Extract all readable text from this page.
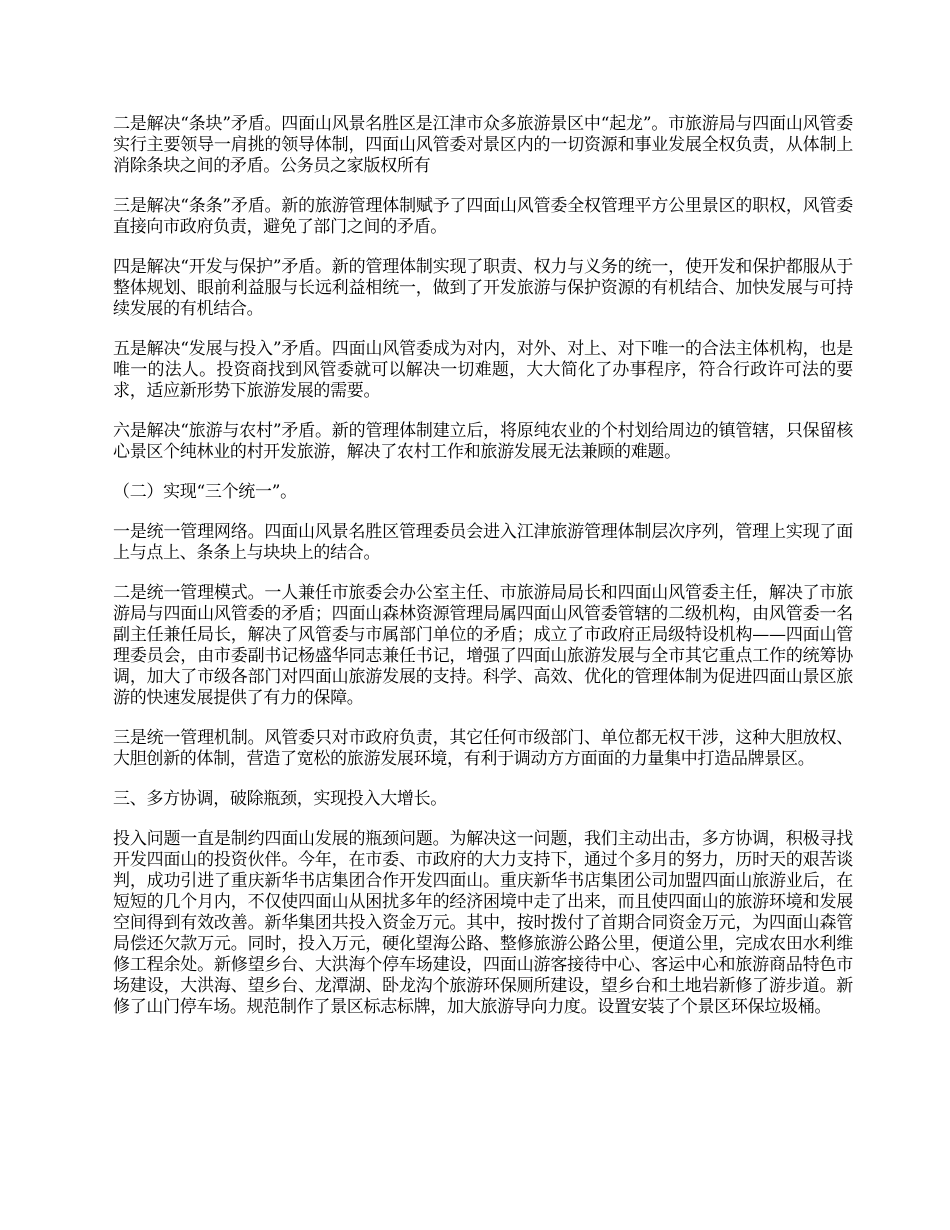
二是解决“条块”矛盾。四面山风景名胜区是江津市众多旅游景区中“起龙”。市旅游局与四面山风管委实行主要领导一肩挑的领导体制，四面山风管委对景区内的一切资源和事业发展全权负责，从体制上消除条块之间的矛盾。公务员之家版权所有

三是解决“条条”矛盾。新的旅游管理体制赋予了四面山风管委全权管理平方公里景区的职权，风管委直接向市政府负责，避免了部门之间的矛盾。

四是解决“开发与保护”矛盾。新的管理体制实现了职责、权力与义务的统一，使开发和保护都服从于整体规划、眼前利益服与长远利益相统一，做到了开发旅游与保护资源的有机结合、加快发展与可持续发展的有机结合。

五是解决“发展与投入”矛盾。四面山风管委成为对内，对外、对上、对下唯一的合法主体机构，也是唯一的法人。投资商找到风管委就可以解决一切难题，大大简化了办事程序，符合行政许可法的要求，适应新形势下旅游发展的需要。

六是解决“旅游与农村”矛盾。新的管理体制建立后，将原纯农业的个村划给周边的镇管辖，只保留核心景区个纯林业的村开发旅游，解决了农村工作和旅游发展无法兼顾的难题。

（二）实现“三个统一”。

一是统一管理网络。四面山风景名胜区管理委员会进入江津旅游管理体制层次序列，管理上实现了面上与点上、条条上与块块上的结合。

二是统一管理模式。一人兼任市旅委会办公室主任、市旅游局局长和四面山风管委主任，解决了市旅游局与四面山风管委的矛盾；四面山森林资源管理局属四面山风管委管辖的二级机构，由风管委一名副主任兼任局长，解决了风管委与市属部门单位的矛盾；成立了市政府正局级特设机构——四面山管理委员会，由市委副书记杨盛华同志兼任书记，增强了四面山旅游发展与全市其它重点工作的统筹协调，加大了市级各部门对四面山旅游发展的支持。科学、高效、优化的管理体制为促进四面山景区旅游的快速发展提供了有力的保障。

三是统一管理机制。风管委只对市政府负责，其它任何市级部门、单位都无权干涉，这种大胆放权、大胆创新的体制，营造了宽松的旅游发展环境，有利于调动方方面面的力量集中打造品牌景区。

三、多方协调，破除瓶颈，实现投入大增长。

投入问题一直是制约四面山发展的瓶颈问题。为解决这一问题，我们主动出击，多方协调，积极寻找开发四面山的投资伙伴。今年，在市委、市政府的大力支持下，通过个多月的努力，历时天的艰苦谈判，成功引进了重庆新华书店集团合作开发四面山。重庆新华书店集团公司加盟四面山旅游业后，在短短的几个月内，不仅使四面山从困扰多年的经济困境中走了出来，而且使四面山的旅游环境和发展空间得到有效改善。新华集团共投入资金万元。其中，按时拨付了首期合同资金万元，为四面山森管局偿还欠款万元。同时，投入万元，硬化望海公路、整修旅游公路公里，便道公里，完成农田水利维修工程余处。新修望乡台、大洪海个停车场建设，四面山游客接待中心、客运中心和旅游商品特色市场建设，大洪海、望乡台、龙潭湖、卧龙沟个旅游环保厕所建设，望乡台和土地岩新修了游步道。新修了山门停车场。规范制作了景区标志标牌，加大旅游导向力度。设置安装了个景区环保垃圾桶。
